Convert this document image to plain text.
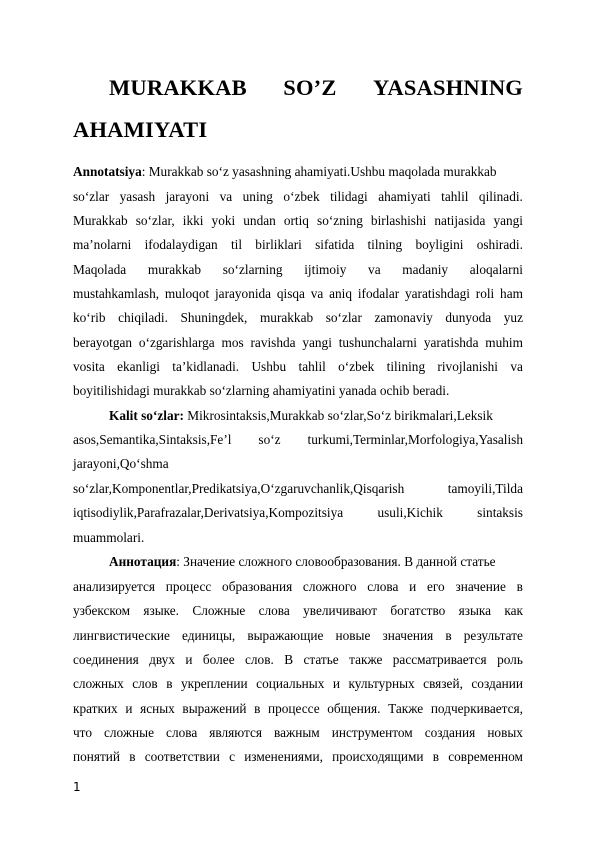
MURAKKAB SO’Z YASASHNING
AHAMIYATI
Annotatsiya: Murakkab so‘z yasashning ahamiyati.Ushbu maqolada murakkab
so‘zlar yasash jarayoni va uning o‘zbek tilidagi ahamiyati tahlil qilinadi.
Murakkab so‘zlar, ikki yoki undan ortiq so‘zning birlashishi natijasida yangi
ma’nolarni ifodalaydigan til birliklari sifatida tilning boyligini oshiradi.
Maqolada murakkab so‘zlarning ijtimoiy va madaniy aloqalarni
mustahkamlash, muloqot jarayonida qisqa va aniq ifodalar yaratishdagi roli ham
ko‘rib chiqiladi. Shuningdek, murakkab so‘zlar zamonaviy dunyoda yuz
berayotgan o‘zgarishlarga mos ravishda yangi tushunchalarni yaratishda muhim
vosita ekanligi ta’kidlanadi. Ushbu tahlil o‘zbek tilining rivojlanishi va
boyitilishidagi murakkab so‘zlarning ahamiyatini yanada ochib beradi.
Kalit so‘zlar: Mikrosintaksis,Murakkab so‘zlar,So‘z birikmalari,Leksik
asos,Semantika,Sintaksis,Fe’l so‘z turkumi,Terminlar,Morfologiya,Yasalish
jarayoni,Qo‘shma
so‘zlar,Komponentlar,Predikatsiya,O‘zgaruvchanlik,Qisqarish	tamoyili,Tilda
iqtisodiylik,Parafrazalar,Derivatsiya,Kompozitsiya	usuli,Kichik	sintaksis
muammolari.
Аннотация: Значение сложного словообразования. В данной статье
анализируется процесс образования сложного слова и его значение в
узбекском языке. Сложные слова увеличивают богатство языка как
лингвистические единицы, выражающие новые значения в результате
соединения двух и более слов. В статье также рассматривается роль
сложных слов в укреплении социальных и культурных связей, создании
кратких и ясных выражений в процессе общения. Также подчеркивается,
что сложные слова являются важным инструментом создания новых
понятий в соответствии с изменениями, происходящими в современном
1
